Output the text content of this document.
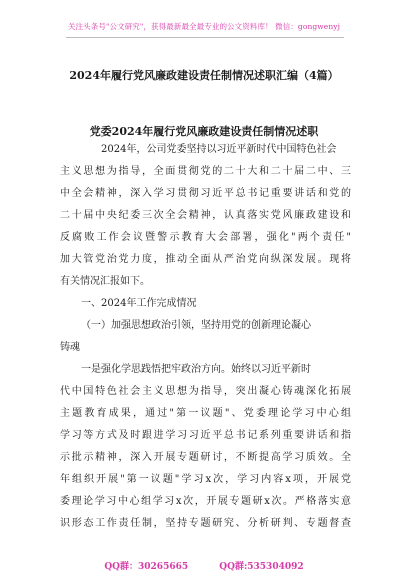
关注头条号"公文研究"，获得最新最全最专业的公文资料库！ 微信：gongwenyj
2024年履行党风廉政建设责任制情况述职汇编（4篇）
党委2024年履行党风廉政建设责任制情况述职
2024年，公司党委坚持以习近平新时代中国特色社会
主义思想为指导，全面贯彻党的二十大和二十届二中、三
中全会精神，深入学习贯彻习近平总书记重要讲话和党的
二十届中央纪委三次全会精神，认真落实党风廉政建设和
反腐败工作会议暨警示教育大会部署，强化"两个责任"
加大管党治党力度，推动全面从严治党向纵深发展。现将
有关情况汇报如下。
一、2024年工作完成情况
（一）加强思想政治引领，坚持用党的创新理论凝心
铸魂
一是强化学思践悟把牢政治方向。始终以习近平新时
代中国特色社会主义思想为指导，突出凝心铸魂深化拓展
主题教育成果，通过"第一议题"、党委理论学习中心组
学习等方式及时跟进学习习近平总书记系列重要讲话和指
示批示精神，深入开展专题研讨，不断提高学习质效。全
年组织开展"第一议题"学习x次，学习内容x项，开展党
委理论学习中心组学习x次，开展专题研x次。严格落实意
识形态工作责任制，坚持专题研究、分析研判、专题督查
QQ群：30265665	QQ群:535304092
